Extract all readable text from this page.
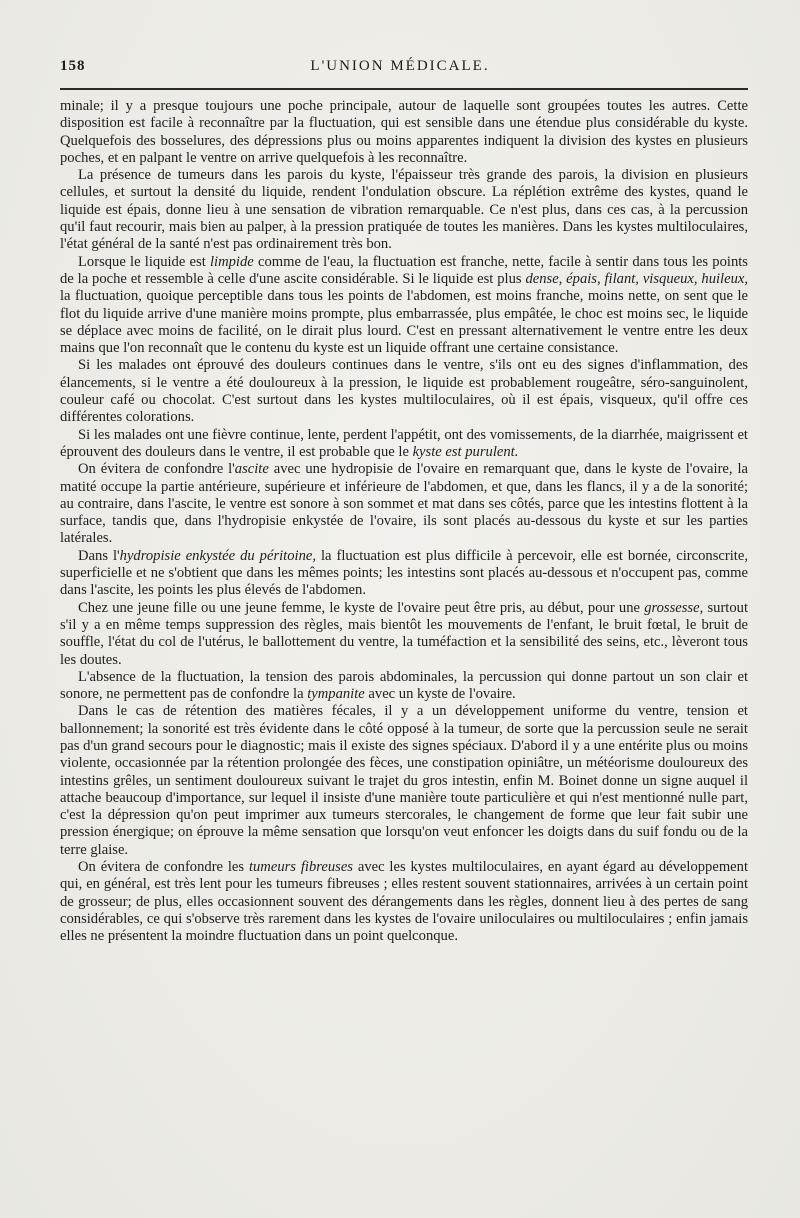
158	L'UNION MÉDICALE.

minale; il y a presque toujours une poche principale, autour de laquelle sont groupées toutes les autres. Cette disposition est facile à reconnaître par la fluctuation, qui est sensible dans une étendue plus considérable du kyste. Quelquefois des bosselures, des dépressions plus ou moins apparentes indiquent la division des kystes en plusieurs poches, et en palpant le ventre on arrive quelquefois à les reconnaître.

La présence de tumeurs dans les parois du kyste, l'épaisseur très grande des parois, la division en plusieurs cellules, et surtout la densité du liquide, rendent l'ondulation obscure. La réplétion extrême des kystes, quand le liquide est épais, donne lieu à une sensation de vibration remarquable. Ce n'est plus, dans ces cas, à la percussion qu'il faut recourir, mais bien au palper, à la pression pratiquée de toutes les manières. Dans les kystes multiloculaires, l'état général de la santé n'est pas ordinairement très bon.

Lorsque le liquide est limpide comme de l'eau, la fluctuation est franche, nette, facile à sentir dans tous les points de la poche et ressemble à celle d'une ascite considérable. Si le liquide est plus dense, épais, filant, visqueux, huileux, la fluctuation, quoique perceptible dans tous les points de l'abdomen, est moins franche, moins nette, on sent que le flot du liquide arrive d'une manière moins prompte, plus embarrassée, plus empâtée, le choc est moins sec, le liquide se déplace avec moins de facilité, on le dirait plus lourd. C'est en pressant alternativement le ventre entre les deux mains que l'on reconnaît que le contenu du kyste est un liquide offrant une certaine consistance.

Si les malades ont éprouvé des douleurs continues dans le ventre, s'ils ont eu des signes d'inflammation, des élancements, si le ventre a été douloureux à la pression, le liquide est probablement rougeâtre, séro-sanguinolent, couleur café ou chocolat. C'est surtout dans les kystes multiloculaires, où il est épais, visqueux, qu'il offre ces différentes colorations.

Si les malades ont une fièvre continue, lente, perdent l'appétit, ont des vomissements, de la diarrhée, maigrissent et éprouvent des douleurs dans le ventre, il est probable que le kyste est purulent.

On évitera de confondre l'ascite avec une hydropisie de l'ovaire en remarquant que, dans le kyste de l'ovaire, la matité occupe la partie antérieure, supérieure et inférieure de l'abdomen, et que, dans les flancs, il y a de la sonorité; au contraire, dans l'ascite, le ventre est sonore à son sommet et mat dans ses côtés, parce que les intestins flottent à la surface, tandis que, dans l'hydropisie enkystée de l'ovaire, ils sont placés au-dessous du kyste et sur les parties latérales.

Dans l'hydropisie enkystée du péritoine, la fluctuation est plus difficile à percevoir, elle est bornée, circonscrite, superficielle et ne s'obtient que dans les mêmes points; les intestins sont placés au-dessous et n'occupent pas, comme dans l'ascite, les points les plus élevés de l'abdomen.

Chez une jeune fille ou une jeune femme, le kyste de l'ovaire peut être pris, au début, pour une grossesse, surtout s'il y a en même temps suppression des règles, mais bientôt les mouvements de l'enfant, le bruit fœtal, le bruit de souffle, l'état du col de l'utérus, le ballottement du ventre, la tuméfaction et la sensibilité des seins, etc., lèveront tous les doutes.

L'absence de la fluctuation, la tension des parois abdominales, la percussion qui donne partout un son clair et sonore, ne permettent pas de confondre la tympanite avec un kyste de l'ovaire.

Dans le cas de rétention des matières fécales, il y a un développement uniforme du ventre, tension et ballonnement; la sonorité est très évidente dans le côté opposé à la tumeur, de sorte que la percussion seule ne serait pas d'un grand secours pour le diagnostic; mais il existe des signes spéciaux. D'abord il y a une entérite plus ou moins violente, occasionnée par la rétention prolongée des fèces, une constipation opiniâtre, un météorisme douloureux des intestins grêles, un sentiment douloureux suivant le trajet du gros intestin, enfin M. Boinet donne un signe auquel il attache beaucoup d'importance, sur lequel il insiste d'une manière toute particulière et qui n'est mentionné nulle part, c'est la dépression qu'on peut imprimer aux tumeurs stercorales, le changement de forme que leur fait subir une pression énergique; on éprouve la même sensation que lorsqu'on veut enfoncer les doigts dans du suif fondu ou de la terre glaise.

On évitera de confondre les tumeurs fibreuses avec les kystes multiloculaires, en ayant égard au développement qui, en général, est très lent pour les tumeurs fibreuses ; elles restent souvent stationnaires, arrivées à un certain point de grosseur; de plus, elles occasionnent souvent des dérangements dans les règles, donnent lieu à des pertes de sang considérables, ce qui s'observe très rarement dans les kystes de l'ovaire uniloculaires ou multiloculaires ; enfin jamais elles ne présentent la moindre fluctuation dans un point quelconque.
